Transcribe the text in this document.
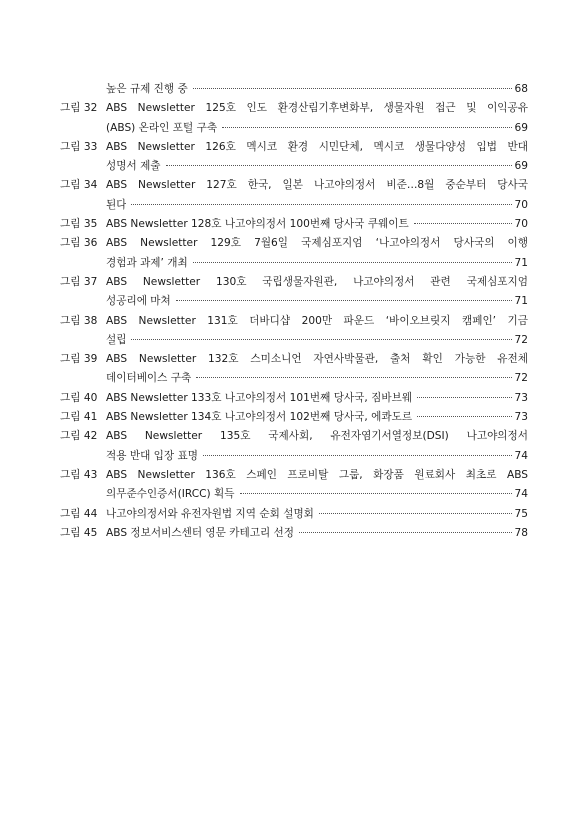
높은 규제 진행 중	68
그림 32 ABS Newsletter 125호 인도 환경산림기후변화부, 생물자원 접근 및 이익공유
(ABS) 온라인 포털 구축	69
그림 33 ABS Newsletter 126호 멕시코 환경 시민단체, 멕시코 생물다양성 입법 반대
성명서 제출	69
그림 34 ABS Newsletter 127호 한국, 일본 나고야의정서 비준…8월 중순부터 당사국
된다	70
그림 35 ABS Newsletter 128호 나고야의정서 100번째 당사국 쿠웨이트	70
그림 36 ABS Newsletter 129호 7월6일 국제심포지엄 ‘나고야의정서 당사국의 이행
경험과 과제’ 개최	71
그림 37 ABS Newsletter 130호 국립생물자원관, 나고야의정서 관련 국제심포지엄
성공리에 마쳐	71
그림 38 ABS Newsletter 131호 더바디샵 200만 파운드 ‘바이오브릿지 캠페인’ 기금
설립	72
그림 39 ABS Newsletter 132호 스미소니언 자연사박물관, 출처 확인 가능한 유전체
데이터베이스 구축	72
그림 40 ABS Newsletter 133호 나고야의정서 101번째 당사국, 짐바브웨	73
그림 41 ABS Newsletter 134호 나고야의정서 102번째 당사국, 에콰도르	73
그림 42 ABS Newsletter 135호 국제사회, 유전자염기서열정보(DSI) 나고야의정서
적용 반대 입장 표명	74
그림 43 ABS Newsletter 136호 스페인 프로비탈 그룹, 화장품 원료회사 최초로 ABS
의무준수인증서(IRCC) 획득	74
그림 44 나고야의정서와 유전자원법 지역 순회 설명회	75
그림 45 ABS 정보서비스센터 영문 카테고리 선정	78
